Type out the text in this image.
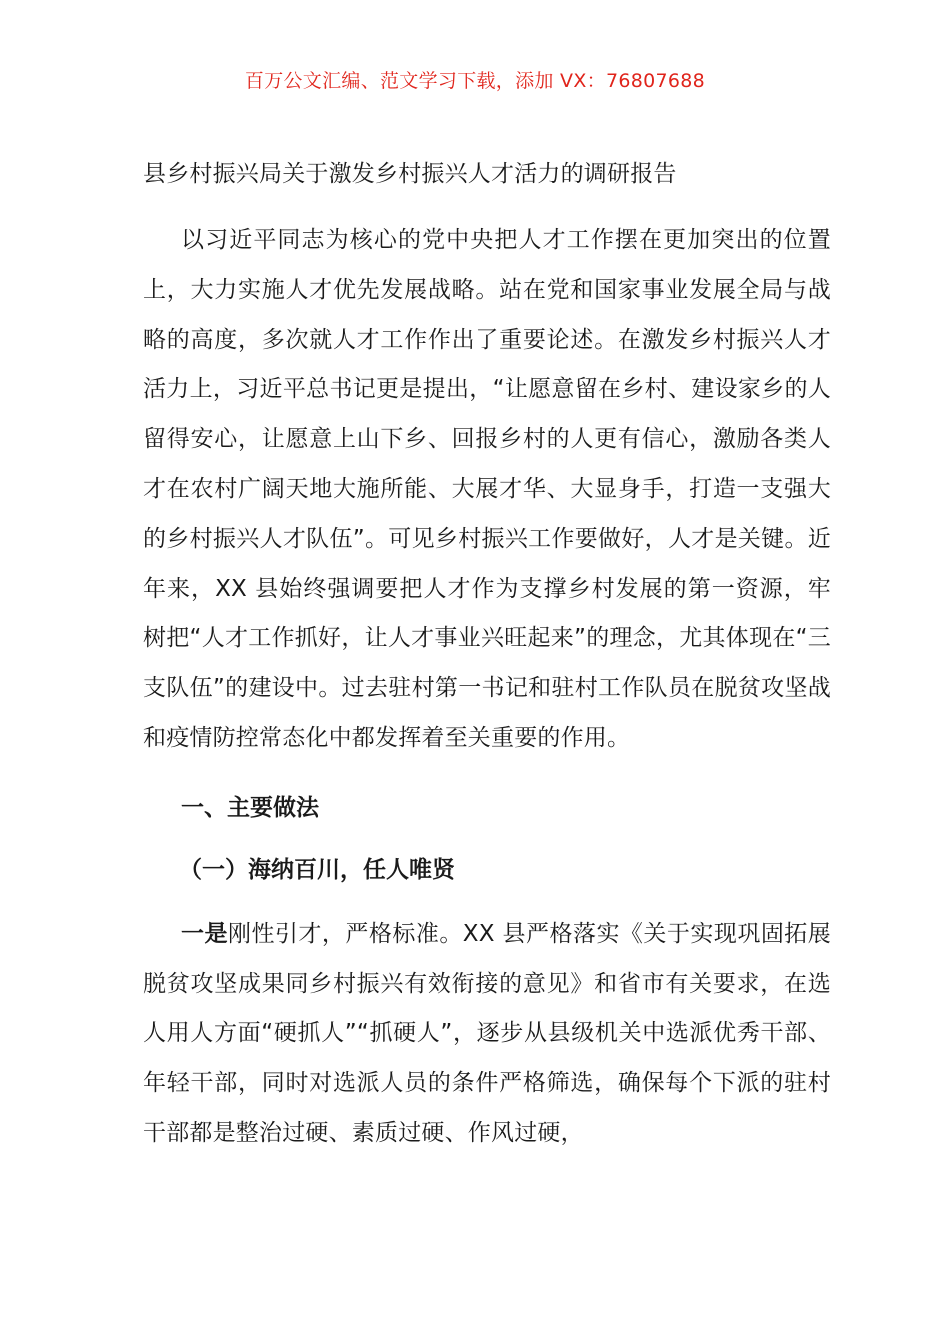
百万公文汇编、范文学习下载，添加 VX：76807688
县乡村振兴局关于激发乡村振兴人才活力的调研报告

以习近平同志为核心的党中央把人才工作摆在更加突出的位置上，大力实施人才优先发展战略。站在党和国家事业发展全局与战略的高度，多次就人才工作作出了重要论述。在激发乡村振兴人才活力上，习近平总书记更是提出，“让愿意留在乡村、建设家乡的人留得安心，让愿意上山下乡、回报乡村的人更有信心，激励各类人才在农村广阔天地大施所能、大展才华、大显身手，打造一支强大的乡村振兴人才队伍”。可见乡村振兴工作要做好，人才是关键。近年来，XX 县始终强调要把人才作为支撑乡村发展的第一资源，牢树把“人才工作抓好，让人才事业兴旺起来”的理念，尤其体现在“三支队伍”的建设中。过去驻村第一书记和驻村工作队员在脱贫攻坚战和疫情防控常态化中都发挥着至关重要的作用。

一、主要做法
（一）海纳百川，任人唯贤

一是刚性引才，严格标准。XX 县严格落实《关于实现巩固拓展脱贫攻坚成果同乡村振兴有效衔接的意见》和省市有关要求，在选人用人方面“硬抓人”“抓硬人”，逐步从县级机关中选派优秀干部、年轻干部，同时对选派人员的条件严格筛选，确保每个下派的驻村干部都是整治过硬、素质过硬、作风过硬，
